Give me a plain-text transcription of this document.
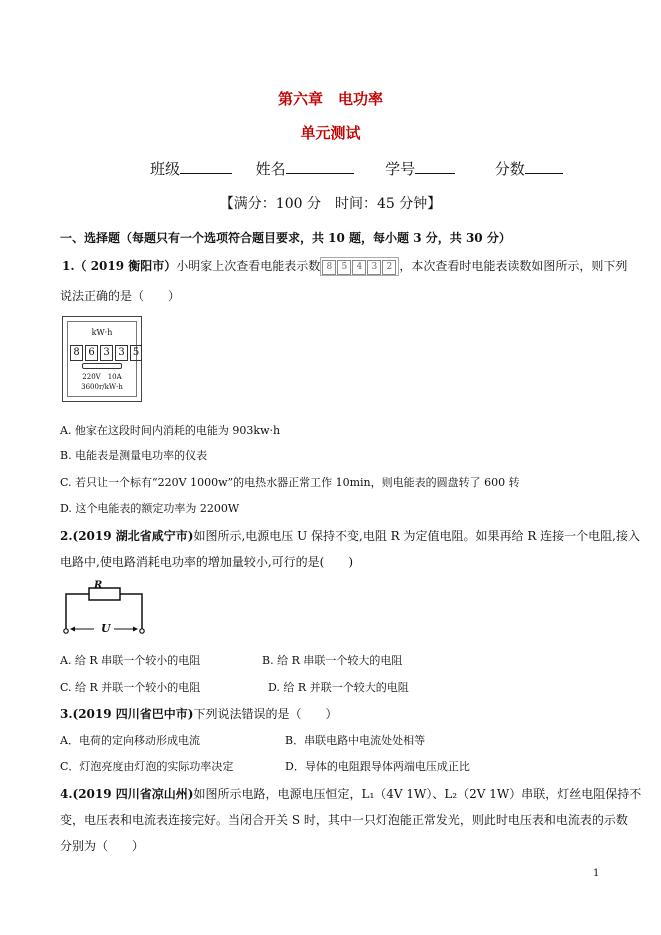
第六章　电功率
单元测试
班级	姓名	学号	分数
【满分：100 分　时间：45 分钟】
一、选择题（每题只有一个选项符合题目要求，共 10 题，每小题 3 分，共 30 分）
1.（ 2019 衡阳市）小明家上次查看电能表示数 8 5 4 3 2 ，本次查看时电能表读数如图所示，则下列
说法正确的是（　　）
kW·h
8 6 3 3 5
220V　10A
3600r/kW·h
A. 他家在这段时间内消耗的电能为 903kw·h
B. 电能表是测量电功率的仪表
C. 若只让一个标有“220V 1000w”的电热水器正常工作 10min，则电能表的圆盘转了 600 转
D. 这个电能表的额定功率为 2200W
2.(2019 湖北省咸宁市)如图所示,电源电压 U 保持不变,电阻 R 为定值电阻。如果再给 R 连接一个电阻,接入
电路中,使电路消耗电功率的增加量较小,可行的是(　　)
R
U
A. 给 R 串联一个较小的电阻	B. 给 R 串联一个较大的电阻
C. 给 R 并联一个较小的电阻	D. 给 R 并联一个较大的电阻
3.(2019 四川省巴中市)下列说法错误的是（　　）
A．电荷的定向移动形成电流	B．串联电路中电流处处相等
C．灯泡亮度由灯泡的实际功率决定	D．导体的电阻跟导体两端电压成正比
4.(2019 四川省凉山州)如图所示电路，电源电压恒定，L₁（4V 1W）、L₂（2V 1W）串联，灯丝电阻保持不
变，电压表和电流表连接完好。当闭合开关 S 时，其中一只灯泡能正常发光，则此时电压表和电流表的示数
分别为（　　）
1
